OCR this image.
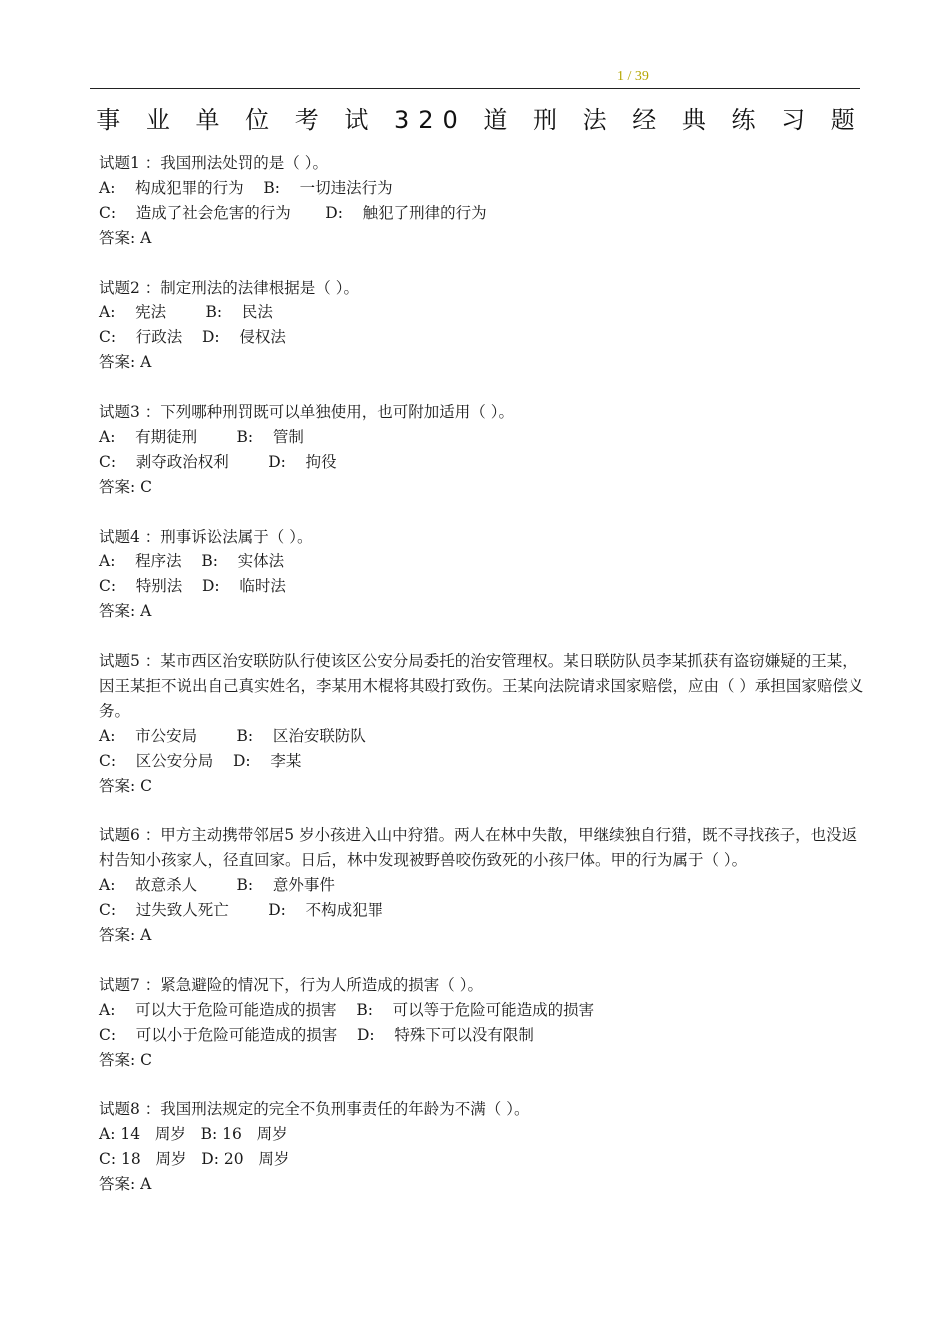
1 / 39
事 业 单 位 考 试 320 道 刑 法 经 典 练 习 题
试题1 ：我国刑法处罚的是（ ）。
A:    构成犯罪的行为    B:    一切违法行为
C:    造成了社会危害的行为       D:    触犯了刑律的行为
答案: A
试题2 ：制定刑法的法律根据是（ ）。
A:    宪法        B:    民法
C:    行政法    D:    侵权法
答案: A
试题3 ：下列哪种刑罚既可以单独使用，也可附加适用（ ）。
A:    有期徒刑        B:    管制
C:    剥夺政治权利        D:    拘役
答案: C
试题4 ：刑事诉讼法属于（ ）。
A:    程序法    B:    实体法
C:    特别法    D:    临时法
答案: A
试题5 ：某市西区治安联防队行使该区公安分局委托的治安管理权。某日联防队员李某抓获有盗窃嫌疑的王某，因王某拒不说出自己真实姓名，李某用木棍将其殴打致伤。王某向法院请求国家赔偿，应由（ ）承担国家赔偿义务。
A:    市公安局        B:    区治安联防队
C:    区公安分局    D:    李某
答案: C
试题6 ：甲方主动携带邻居5 岁小孩进入山中狩猎。两人在林中失散，甲继续独自行猎，既不寻找孩子，也没返村告知小孩家人，径直回家。日后，林中发现被野兽咬伤致死的小孩尸体。甲的行为属于（ ）。
A:    故意杀人        B:    意外事件
C:    过失致人死亡        D:    不构成犯罪
答案: A
试题7 ：紧急避险的情况下，行为人所造成的损害（ ）。
A:    可以大于危险可能造成的损害    B:    可以等于危险可能造成的损害
C:    可以小于危险可能造成的损害    D:    特殊下可以没有限制
答案: C
试题8 ：我国刑法规定的完全不负刑事责任的年龄为不满（ ）。
A: 14   周岁   B: 16   周岁
C: 18   周岁   D: 20   周岁
答案: A
